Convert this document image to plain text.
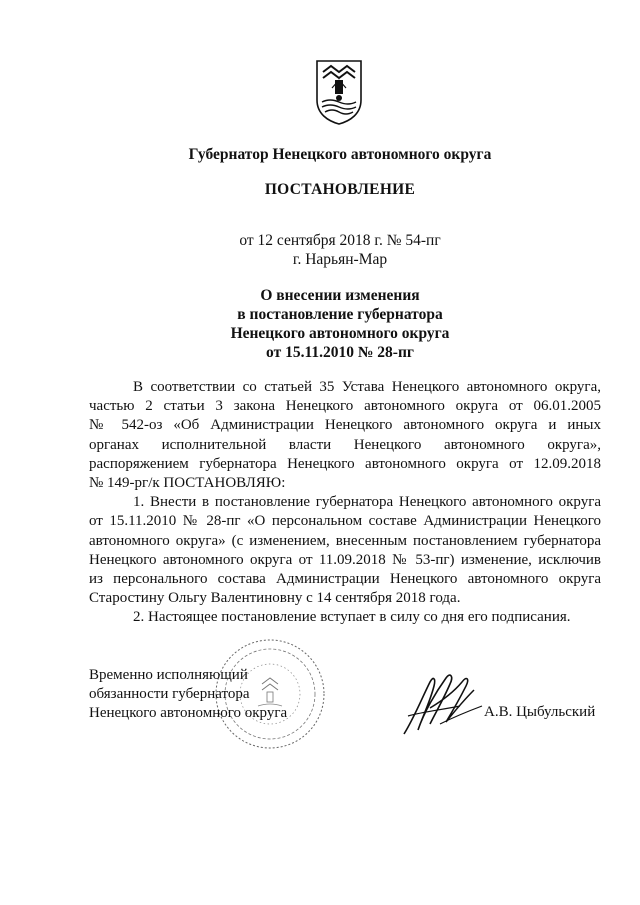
Губернатор Ненецкого автономного округа
ПОСТАНОВЛЕНИЕ
от 12 сентября 2018 г. № 54-пг
г. Нарьян-Мар
О внесении изменения
в постановление губернатора
Ненецкого автономного округа
от 15.11.2010 № 28-пг
В соответствии со статьей 35 Устава Ненецкого автономного округа,
частью 2 статьи 3 закона Ненецкого автономного округа от 06.01.2005
№ 542-оз «Об Администрации Ненецкого автономного округа и иных
органах исполнительной власти Ненецкого автономного округа»,
распоряжением губернатора Ненецкого автономного округа от 12.09.2018
№ 149-рг/к ПОСТАНОВЛЯЮ:
1. Внести в постановление губернатора Ненецкого автономного округа
от 15.11.2010 № 28-пг «О персональном составе Администрации Ненецкого
автономного округа» (с изменением, внесенным постановлением губернатора
Ненецкого автономного округа от 11.09.2018 № 53-пг) изменение, исключив
из персонального состава Администрации Ненецкого автономного округа
Старостину Ольгу Валентиновну с 14 сентября 2018 года.
2. Настоящее постановление вступает в силу со дня его подписания.
Временно исполняющий
обязанности губернатора
Ненецкого автономного округа	А.В. Цыбульский
